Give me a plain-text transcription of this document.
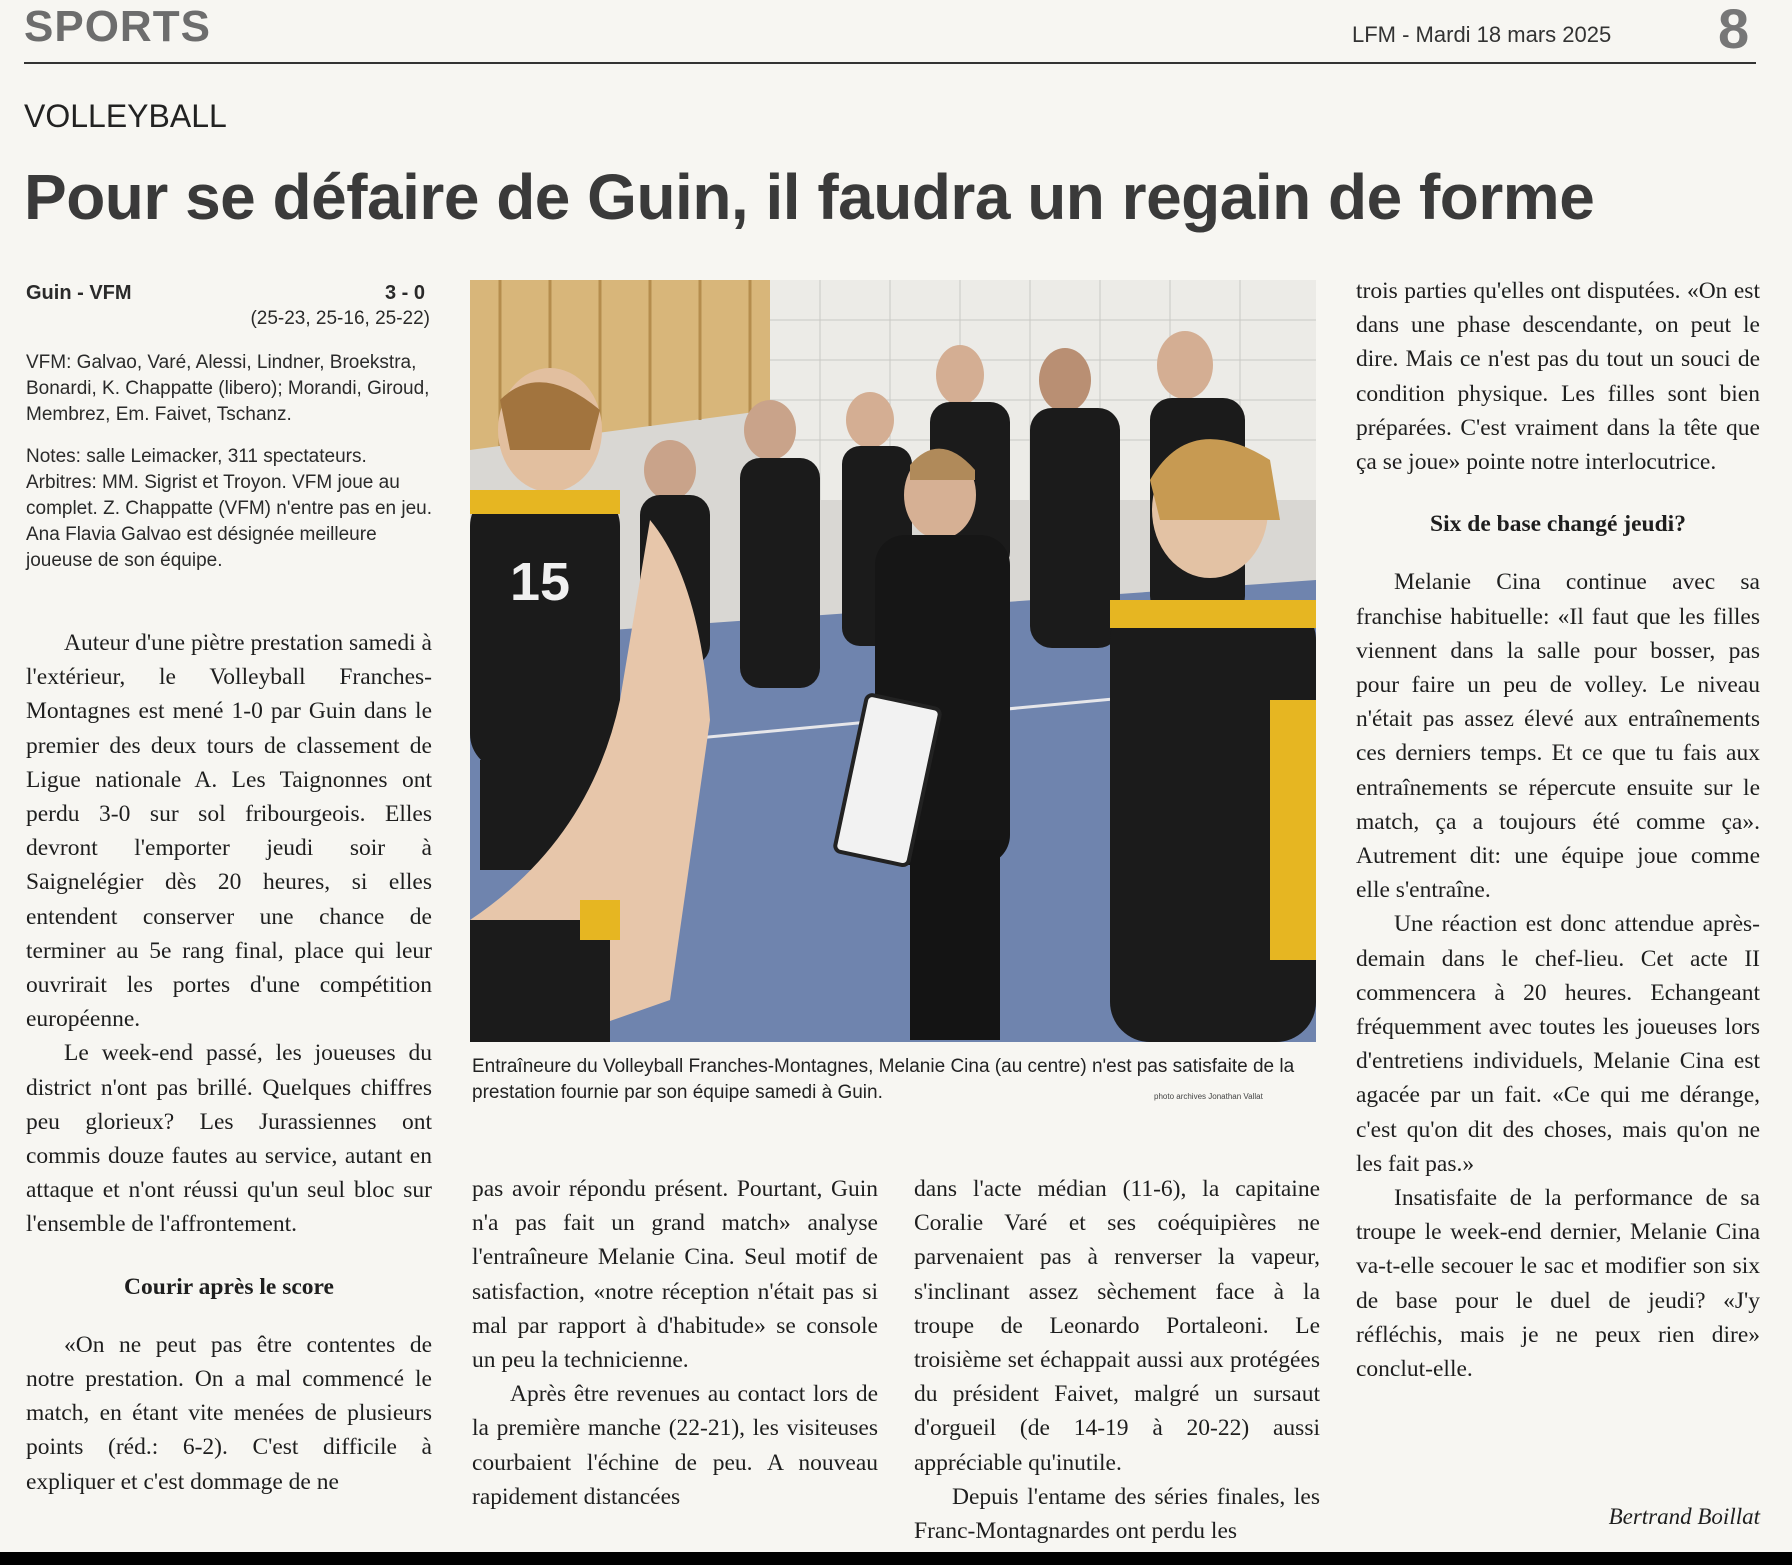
SPORTS	LFM - Mardi 18 mars 2025 8
VOLLEYBALL
Pour se défaire de Guin, il faudra un regain de forme
Guin - VFM	3 - 0
(25-23, 25-16, 25-22)
VFM: Galvao, Varé, Alessi, Lindner, Broekstra, Bonardi, K. Chappatte (libero); Morandi, Giroud, Membrez, Em. Faivet, Tschanz.
Notes: salle Leimacker, 311 spectateurs. Arbitres: MM. Sigrist et Troyon. VFM joue au complet. Z. Chappatte (VFM) n'entre pas en jeu. Ana Flavia Galvao est désignée meilleure joueuse de son équipe.

Auteur d'une piètre prestation samedi à l'extérieur, le Volleyball Franches-Montagnes est mené 1-0 par Guin dans le premier des deux tours de classement de Ligue nationale A. Les Taignonnes ont perdu 3-0 sur sol fribourgeois. Elles devront l'emporter jeudi soir à Saignelégier dès 20 heures, si elles entendent conserver une chance de terminer au 5e rang final, place qui leur ouvrirait les portes d'une compétition européenne.

Le week-end passé, les joueuses du district n'ont pas brillé. Quelques chiffres peu glorieux? Les Jurassiennes ont commis douze fautes au service, autant en attaque et n'ont réussi qu'un seul bloc sur l'ensemble de l'affrontement.

Courir après le score

«On ne peut pas être contentes de notre prestation. On a mal commencé le match, en étant vite menées de plusieurs points (réd.: 6-2). C'est difficile à expliquer et c'est dommage de ne

15
Entraîneure du Volleyball Franches-Montagnes, Melanie Cina (au centre) n'est pas satisfaite de la prestation fournie par son équipe samedi à Guin.	photo archives Jonathan Vallat

pas avoir répondu présent. Pourtant, Guin n'a pas fait un grand match» analyse l'entraîneure Melanie Cina. Seul motif de satisfaction, «notre réception n'était pas si mal par rapport à d'habitude» se console un peu la technicienne.

Après être revenues au contact lors de la première manche (22-21), les visiteuses courbaient l'échine de peu. A nouveau rapidement distancées

dans l'acte médian (11-6), la capitaine Coralie Varé et ses coéquipières ne parvenaient pas à renverser la vapeur, s'inclinant assez sèchement face à la troupe de Leonardo Portaleoni. Le troisième set échappait aussi aux protégées du président Faivet, malgré un sursaut d'orgueil (de 14-19 à 20-22) aussi appréciable qu'inutile.

Depuis l'entame des séries finales, les Franc-Montagnardes ont perdu les

trois parties qu'elles ont disputées. «On est dans une phase descendante, on peut le dire. Mais ce n'est pas du tout un souci de condition physique. Les filles sont bien préparées. C'est vraiment dans la tête que ça se joue» pointe notre interlocutrice.

Six de base changé jeudi?

Melanie Cina continue avec sa franchise habituelle: «Il faut que les filles viennent dans la salle pour bosser, pas pour faire un peu de volley. Le niveau n'était pas assez élevé aux entraînements ces derniers temps. Et ce que tu fais aux entraînements se répercute ensuite sur le match, ça a toujours été comme ça». Autrement dit: une équipe joue comme elle s'entraîne.

Une réaction est donc attendue après-demain dans le chef-lieu. Cet acte II commencera à 20 heures. Echangeant fréquemment avec toutes les joueuses lors d'entretiens individuels, Melanie Cina est agacée par un fait. «Ce qui me dérange, c'est qu'on dit des choses, mais qu'on ne les fait pas.»

Insatisfaite de la performance de sa troupe le week-end dernier, Melanie Cina va-t-elle secouer le sac et modifier son six de base pour le duel de jeudi? «J'y réfléchis, mais je ne peux rien dire» conclut-elle.

Bertrand Boillat
